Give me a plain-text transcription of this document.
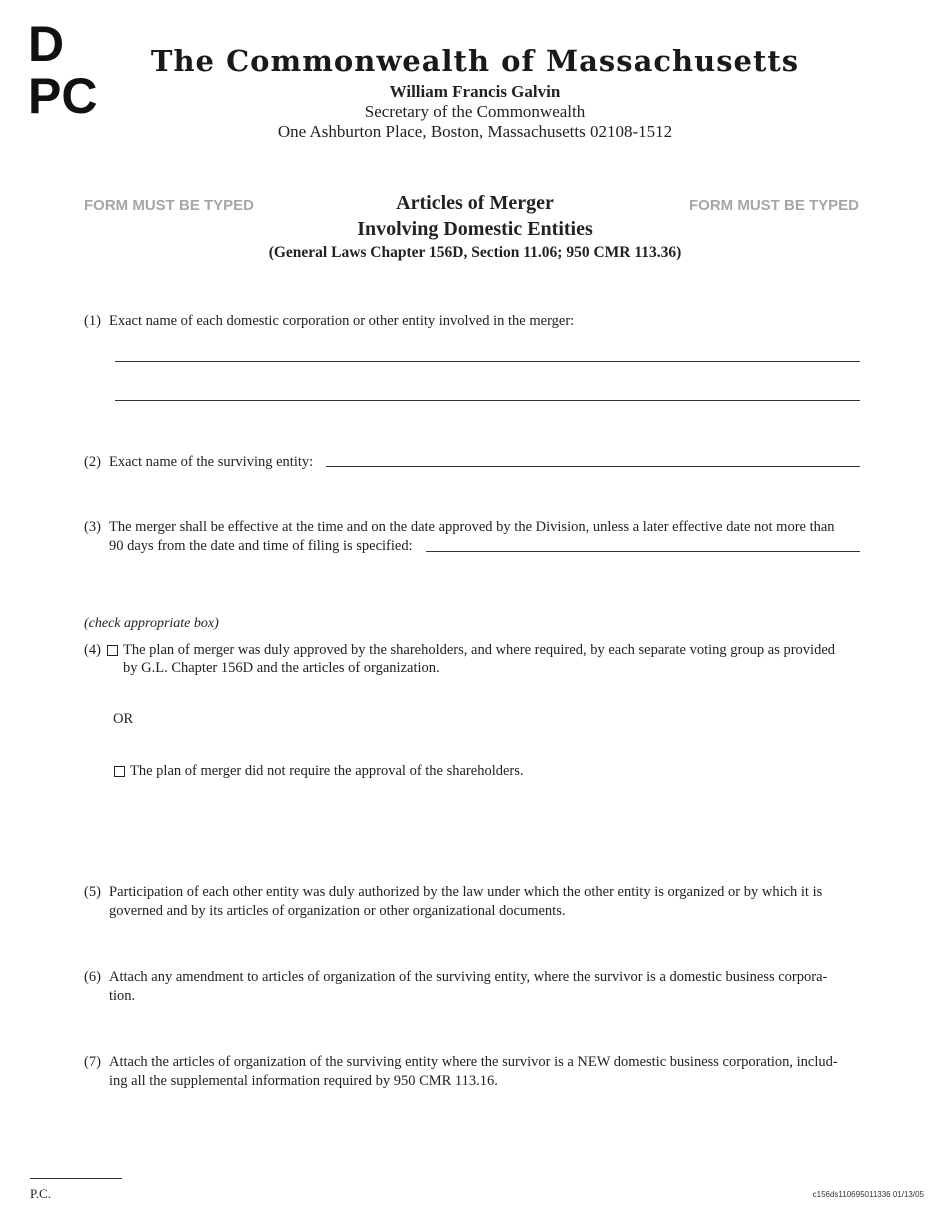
D
PC
The Commonwealth of Massachusetts
William Francis Galvin
Secretary of the Commonwealth
One Ashburton Place, Boston, Massachusetts 02108-1512
FORM MUST BE TYPED	FORM MUST BE TYPED
Articles of Merger
Involving Domestic Entities
(General Laws Chapter 156D, Section 11.06; 950 CMR 113.36)
(1) Exact name of each domestic corporation or other entity involved in the merger:
(2) Exact name of the surviving entity:
(3) The merger shall be effective at the time and on the date approved by the Division, unless a later effective date not more than
90 days from the date and time of filing is specified:
(check appropriate box)
(4) The plan of merger was duly approved by the shareholders, and where required, by each separate voting group as provided
by G.L. Chapter 156D and the articles of organization.
OR
The plan of merger did not require the approval of the shareholders.
(5) Participation of each other entity was duly authorized by the law under which the other entity is organized or by which it is
governed and by its articles of organization or other organizational documents.
(6) Attach any amendment to articles of organization of the surviving entity, where the survivor is a domestic business corpora-
tion.
(7) Attach the articles of organization of the surviving entity where the survivor is a NEW domestic business corporation, includ-
ing all the supplemental information required by 950 CMR 113.16.
P.C.	c156ds110695011336 01/13/05
